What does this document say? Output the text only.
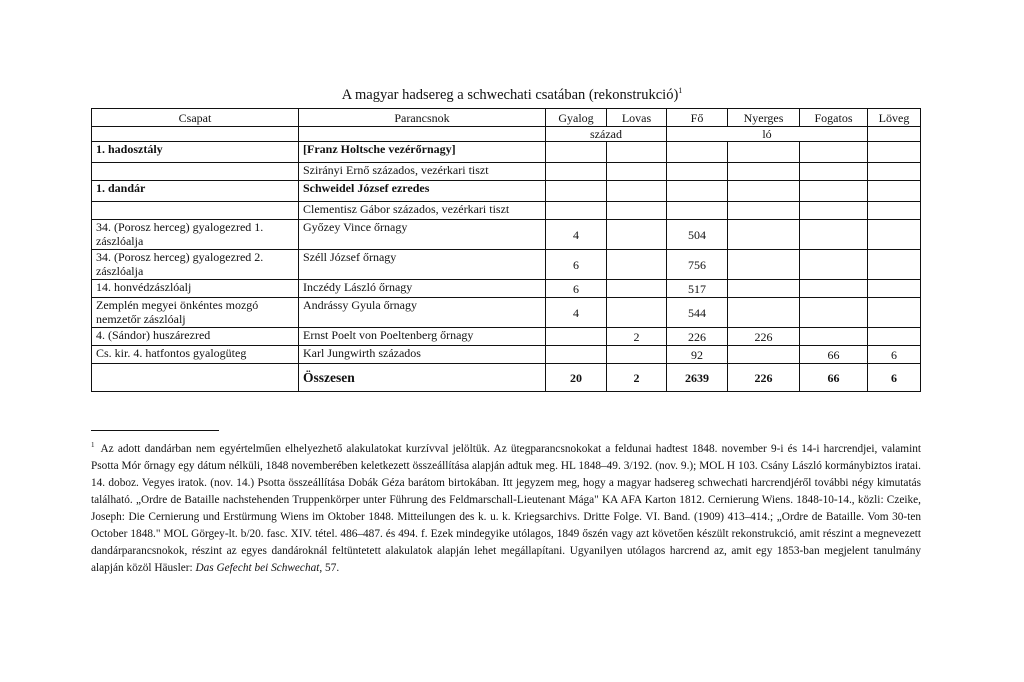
A magyar hadsereg a schwechati csatában (rekonstrukció)$^1$
Csapat	Parancsnok	Gyalog	Lovas	Fő	Nyerges	Fogatos	Löveg
		század		ló			
1. hadosztály	[Franz Holtsche vezérőrnagy]						
	Szirányi Ernő százados, vezérkari tiszt						
1. dandár	Schweidel József ezredes						
	Clementisz Gábor százados, vezérkari tiszt						
34. (Porosz herceg) gyalogezred 1. zászlóalja	Győzey Vince őrnagy	4		504			
34. (Porosz herceg) gyalogezred 2. zászlóalja	Széll József őrnagy	6		756			
14. honvédzászlóalj	Inczédy László őrnagy	6		517			
Zemplén megyei önkéntes mozgó nemzetőr zászlóalj	Andrássy Gyula őrnagy	4		544			
4. (Sándor) huszárezred	Ernst Poelt von Poeltenberg őrnagy		2	226	226		
Cs. kir. 4. hatfontos gyalogüteg	Karl Jungwirth százados			92		66	6
	Összesen	20	2	2639	226	66	6
$^1$ Az adott dandárban nem egyértelműen elhelyezhető alakulatokat kurzívval jelöltük. Az ütegparancsnokokat a feldunai hadtest 1848. november 9-i és 14-i harcrendjei, valamint Psotta Mór őrnagy egy dátum nélküli, 1848 novemberében keletkezett összeállítása alapján adtuk meg. HL 1848–49. 3/192. (nov. 9.); MOL H 103. Csány László kormánybiztos iratai. 14. doboz. Vegyes iratok. (nov. 14.) Psotta összeállítása Dobák Géza barátom birtokában. Itt jegyzem meg, hogy a magyar hadsereg schwechati harcrendjéről további négy kimutatás található. „Ordre de Bataille nachstehenden Truppenkörper unter Führung des Feldmarschall-Lieutenant Mága" KA AFA Karton 1812. Cernierung Wiens. 1848-10-14., közli: Czeike, Joseph: Die Cernierung und Erstürmung Wiens im Oktober 1848. Mitteilungen des k. u. k. Kriegsarchivs. Dritte Folge. VI. Band. (1909) 413–414.; „Ordre de Bataille. Vom 30-ten October 1848." MOL Görgey-lt. b/20. fasc. XIV. tétel. 486–487. és 494. f. Ezek mindegyike utólagos, 1849 őszén vagy azt követően készült rekonstrukció, amit részint a megnevezett dandárparancsnokok, részint az egyes dandároknál feltüntetett alakulatok alapján lehet megállapítani. Ugyanilyen utólagos harcrend az, amit egy 1853-ban megjelent tanulmány alapján közöl Häusler: Das Gefecht bei Schwechat, 57.
